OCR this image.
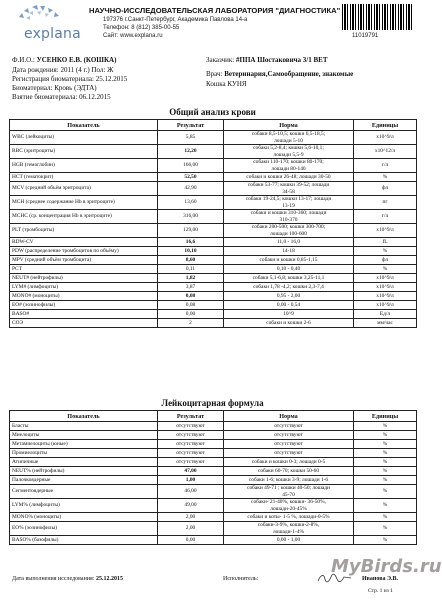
explana
НАУЧНО-ИССЛЕДОВАТЕЛЬСКАЯ ЛАБОРАТОРИЯ "ДИАГНОСТИКА"
197376 г.Санкт-Петербург, Академика Павлова 14-а
Телефон: 8 (812) 385-00-55
Сайт: www.explana.ru	11019791
Ф.И.О.: УСЕНКО Е.В. (КОШКА)
Дата рождения: 2011 (4 г.) Пол: Ж
Регистрация биоматериала: 25.12.2015
Биоматериал: Кровь (ЭДТА)
Взятие биоматериала: 06.12.2015
Заказчик: #ППА Шостаковича 3/1 ВЕТ
Врач: Ветеринария,Самообращение, знакомые
Кошка КУНЯ
Общий анализ крови
Показатель	Результат	Норма	Единицы
WBC (лейкоциты)	5,85	собаки 8,5-10,5; кошки 6,5-18,5;
лошади 5-10	x10^9/л
RBC (эритроциты)	12,20	собаки 5,2-8,4; кошки 5,6-10,1;
лошади 5,5-9	x10^12/л
HGB (гемоглобин)	166,00	собаки 110-170; кошки 80-170;
лошади 80-140	г/л
HCT (гематокрит)	52,50	собаки и кошки 26-48; лошади 30-50	%
MCV (средний объём эритроцита)	42,90	собаки 53-77; кошки 39-52; лошади
34-58	фл
MCH (среднее содержание Hb в эритроците)	13,60	собаки 19-24,5; кошки 13-17; лошади
13-19	пг
MCHC (ср. концентрация Hb в эритроците)	316,00	собаки и кошки 310-360; лошади
310-370	г/л
PLT (тромбоциты)	129,00	собаки 200-500; кошки 300-700;
лошади 100-600	x10^9/л
RDW-CV	16,6	11,0 - 16,0	fL
PDW (распределение тромбоцитов по объёму)	10,10	14-18	%
MPV (средний объём тромбоцита)	8,60	собаки и кошки 0,85-1,15	фл
PCT	0,11	0,10 - 0,40	%
NEUT# (нейтрофилы)	1,82	собаки 5,1-6,8; кошки 3,25-11,1	x10^9/л
LYM# (лимфоциты)	3,87	собаки 1,78 -4,2; кошки 2,3-7,4	x10^9/л
MONO# (моноциты)	0,08	0,95 - 2,00	x10^9/л
EO# (эозинофилы)	0,08	0,00 - 0,54	x10^9/л
BASO#	0,00	10^9	Ед/л
СОЭ	2	собаки и кошки 2-6	мм/час
Лейкоцитарная формула
Показатель	Результат	Норма	Единицы
Бласты	отсутствуют	отсутствуют	%
Миелоциты	отсутствуют	отсутствуют	%
Метамиелоциты (юные)	отсутствуют	отсутствуют	%
Промиелоциты	отсутствуют	отсутствуют	%
Атипичные	отсутствуют	собаки и кошки 0-3; лошади 0-5	%
NEUT% (нейтрофилы)	47,00	собаки 60-70; кошки 50-60	%
Палочкоядерные	1,00	собаки 1-6; кошки 3-9; лошади 1-6	%
Сегментоядерные	46,00	собаки 49-71 ; кошки 40-50; лошади
45-70	%
LYM% (лимфоциты)	49,00	собаки- 21-40%, кошки- 36-50%,
лошади-20-45%	%
MONO% (моноциты)	2,00	собаки и коты- 1-5 %, лошади-0-5%	%
EO% (эозинофилы)	2,00	собаки-3-9%, кошки-2-8%,
лошади-1-4%	%
BASO% (базофилы)	0,00	0,00 - 1,00	%
Дата выполнения исследования: 25.12.2015	Исполнитель:	Иванова Э.В.
Стр. 1 из 1
MyBirds.ru
